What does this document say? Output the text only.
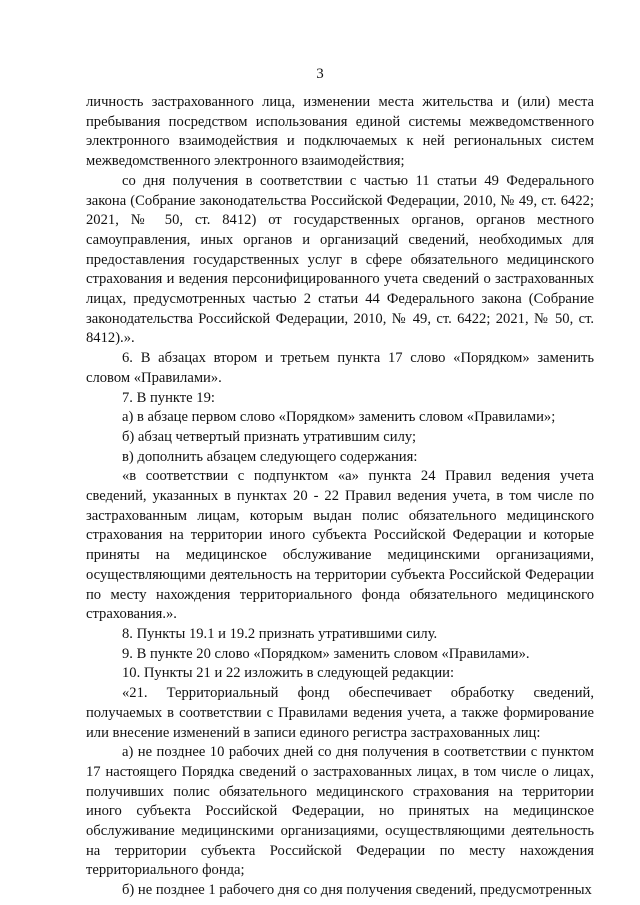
3

личность застрахованного лица, изменении места жительства и (или) места пребывания посредством использования единой системы межведомственного электронного взаимодействия и подключаемых к ней региональных систем межведомственного электронного взаимодействия;

со дня получения в соответствии с частью 11 статьи 49 Федерального закона (Собрание законодательства Российской Федерации, 2010, № 49, ст. 6422; 2021, № 50, ст. 8412) от государственных органов, органов местного самоуправления, иных органов и организаций сведений, необходимых для предоставления государственных услуг в сфере обязательного медицинского страхования и ведения персонифицированного учета сведений о застрахованных лицах, предусмотренных частью 2 статьи 44 Федерального закона (Собрание законодательства Российской Федерации, 2010, № 49, ст. 6422; 2021, № 50, ст. 8412).».

6. В абзацах втором и третьем пункта 17 слово «Порядком» заменить словом «Правилами».

7. В пункте 19:

а) в абзаце первом слово «Порядком» заменить словом «Правилами»;

б) абзац четвертый признать утратившим силу;

в) дополнить абзацем следующего содержания:

«в соответствии с подпунктом «а» пункта 24 Правил ведения учета сведений, указанных в пунктах 20 - 22 Правил ведения учета, в том числе по застрахованным лицам, которым выдан полис обязательного медицинского страхования на территории иного субъекта Российской Федерации и которые приняты на медицинское обслуживание медицинскими организациями, осуществляющими деятельность на территории субъекта Российской Федерации по месту нахождения территориального фонда обязательного медицинского страхования.».

8. Пункты 19.1 и 19.2 признать утратившими силу.

9. В пункте 20 слово «Порядком» заменить словом «Правилами».

10. Пункты 21 и 22 изложить в следующей редакции:

«21. Территориальный фонд обеспечивает обработку сведений, получаемых в соответствии с Правилами ведения учета, а также формирование или внесение изменений в записи единого регистра застрахованных лиц:

а) не позднее 10 рабочих дней со дня получения в соответствии с пунктом 17 настоящего Порядка сведений о застрахованных лицах, в том числе о лицах, получивших полис обязательного медицинского страхования на территории иного субъекта Российской Федерации, но принятых на медицинское обслуживание медицинскими организациями, осуществляющими деятельность на территории субъекта Российской Федерации по месту нахождения территориального фонда;

б) не позднее 1 рабочего дня со дня получения сведений, предусмотренных
